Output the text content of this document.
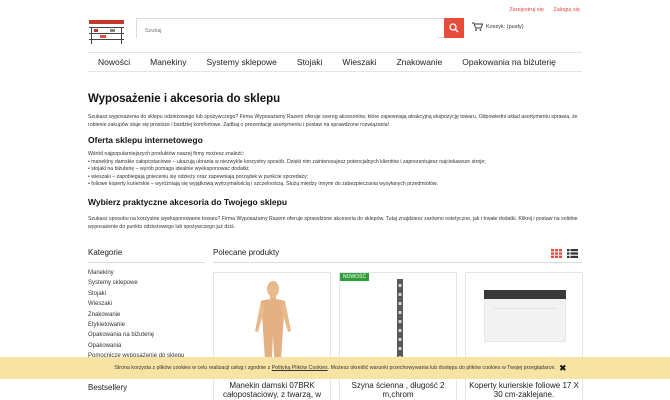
Zarejestruj się Zaloguj się
Szukaj
Koszyk: (pusty)
Nowości	Manekiny	Systemy sklepowe	Stojaki	Wieszaki	Znakowanie	Opakowania na biżuterię
Wyposażenie i akcesoria do sklepu
Szukasz wyposażenia do sklepu odzieżowego lub spożywczego? Firma Wyposażamy Razem oferuje szereg akcesoriów, które zapewniają atrakcyjną ekspozycję towaru. Odpowiedni układ asortymentu sprawia, że robienie zakupów staje się prostsze i bardziej komfortowe. Zadbaj o prezentację asortymentu i postaw na sprawdzone rozwiązania!
Oferta sklepu internetowego
Wśród najpopularniejszych produktów naszej firmy możesz znaleźć:
• manekiny damskie całopostaciowe – ukazują ubrania w niezwykle korzystny sposób. Dzięki nim zainteresujesz potencjalnych klientów i zaprezentujesz najciekawsze stroje;
• stojaki na biżuterię – wyrób pomaga idealnie wyeksponować dodatki;
• wieszaki – zapobiegają gnieceniu się odzieży oraz zapewniają porządek w punkcie sprzedaży;
• foliowe koperty kurierskie – wyróżniają się wyjątkową wytrzymałością i szczelnością. Służą między innymi do zabezpieczania wysyłanych przedmiotów.
Wybierz praktyczne akcesoria do Twojego sklepu
Szukasz sposobu na korzystne wyeksponowanie towaru? Firma Wyposażamy Razem oferuje sprawdzone akcesoria do sklepów. Tutaj znajdziesz zarówno estetyczne, jak i trwałe dodatki. Kliknij i postaw na solidne wyposażenie do punktu odzieżowego lub spożywczego już dziś.
Kategorie
Manekiny
Systemy sklepowe
Stojaki
Wieszaki
Znakowanie
Etykietowanie
Opakowania na biżuterię
Opakowania
Polecane produkty
Manekin damski 07BRK całopostaciowy, z twarzą, w
NOWOŚĆ
Szyna ścienna , długość 2 m,chrom
Koperty kurierskie foliowe 17 X 30 cm-zaklejane.
Bestsellery
Strona korzysta z plików cookies w celu realizacji usług i zgodnie z
Polityką Plików Cookies . Możesz określić warunki przechowywania lub dostępu do plików cookies w Twojej przeglądarce. ✖
